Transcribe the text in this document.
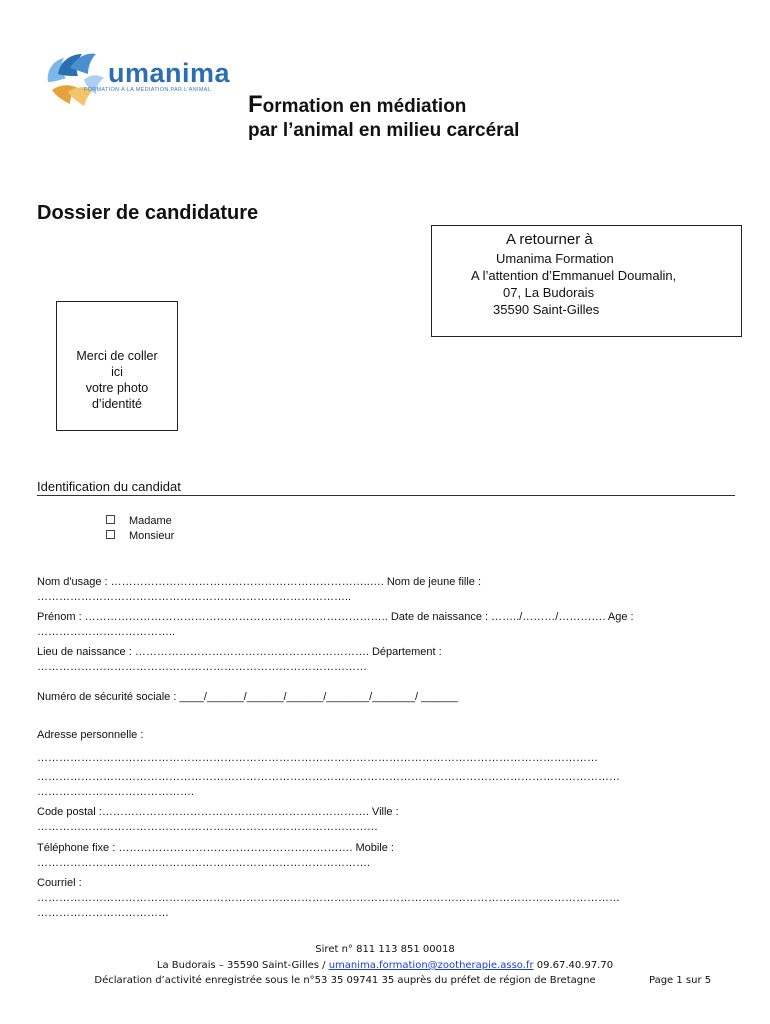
umanima
FORMATION À LA MÉDIATION PAR L'ANIMAL
Formation en médiation
par l’animal en milieu carcéral
Dossier de candidature
A retourner à
Umanima Formation
A l’attention d’Emmanuel Doumalin,
07, La Budorais
35590 Saint-Gilles
Merci de coller
ici
votre photo
d’identité
Identification du candidat
Madame
Monsieur
Nom d'usage : ……………………………………………………………..…. Nom de jeune fille :
…………………………………………………………………………..
Prénom : ……………………………………………………………………….. Date de naissance : ……../………/…………. Age :
………………………………..
Lieu de naissance : ………………………………………………………. Département :
………………………………………………………………………………
Numéro de sécurité sociale : ____/______/______/______/_______/_______/ ______
Adresse personnelle :
………………………………………………………………………………………………………………………………………
……………………………………………………………………………………………………………………………………………
…………………………………….
Code postal :………………………………………………………………. Ville :
…………………………………………………………………………………
Téléphone fixe : ………………………………………………………. Mobile :
……………………………………………………………………………….
Courriel :
……………………………………………………………………………………………………………………………………………
………………………………
Siret n° 811 113 851 00018
La Budorais – 35590 Saint-Gilles / umanima.formation@zootherapie.asso.fr 09.67.40.97.70
Déclaration d’activité enregistrée sous le n°53 35 09741 35 auprès du préfet de région de Bretagne	Page 1 sur 5
